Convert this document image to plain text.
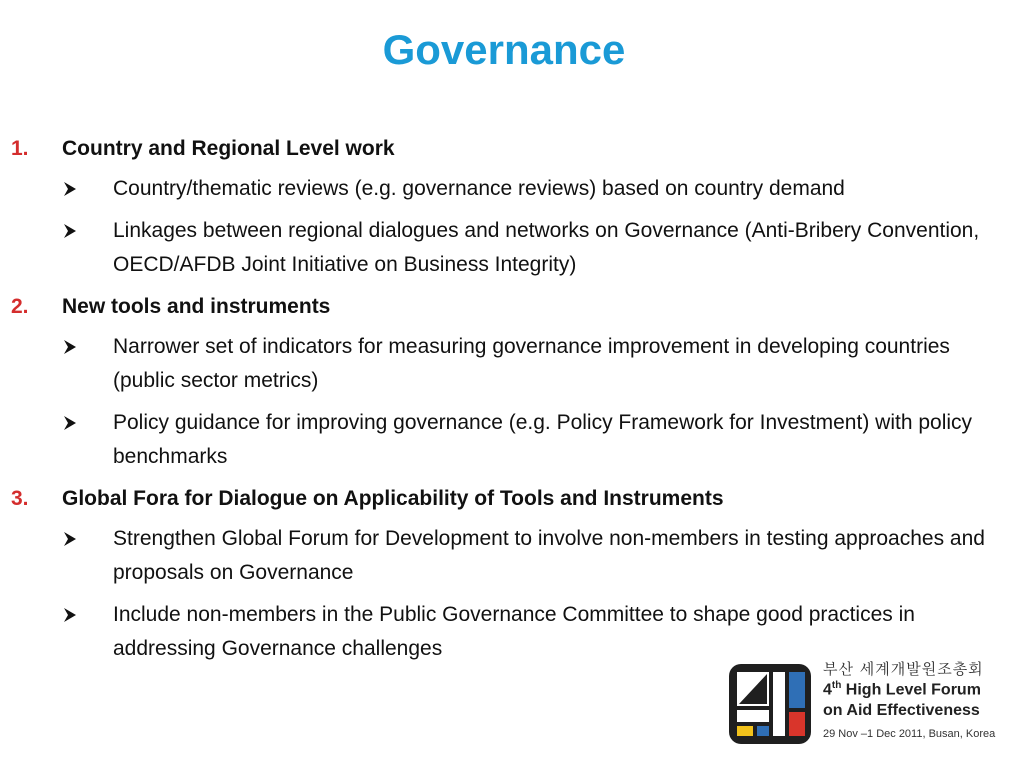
Governance
1. Country and Regional Level work
Country/thematic reviews (e.g. governance reviews) based on country demand
Linkages between regional dialogues and networks on Governance (Anti-Bribery Convention, OECD/AFDB Joint Initiative on Business Integrity)
2. New tools and instruments
Narrower set of indicators for measuring governance improvement in developing countries (public sector metrics)
Policy guidance for improving governance (e.g. Policy Framework for Investment) with policy benchmarks
3. Global Fora for Dialogue on Applicability of Tools and Instruments
Strengthen Global Forum for Development to involve non-members in testing approaches and proposals on Governance
Include non-members in the Public Governance Committee to shape good practices in addressing Governance challenges
부산 세계개발원조총회
4th High Level Forum
on Aid Effectiveness
29 Nov –1 Dec 2011, Busan, Korea
